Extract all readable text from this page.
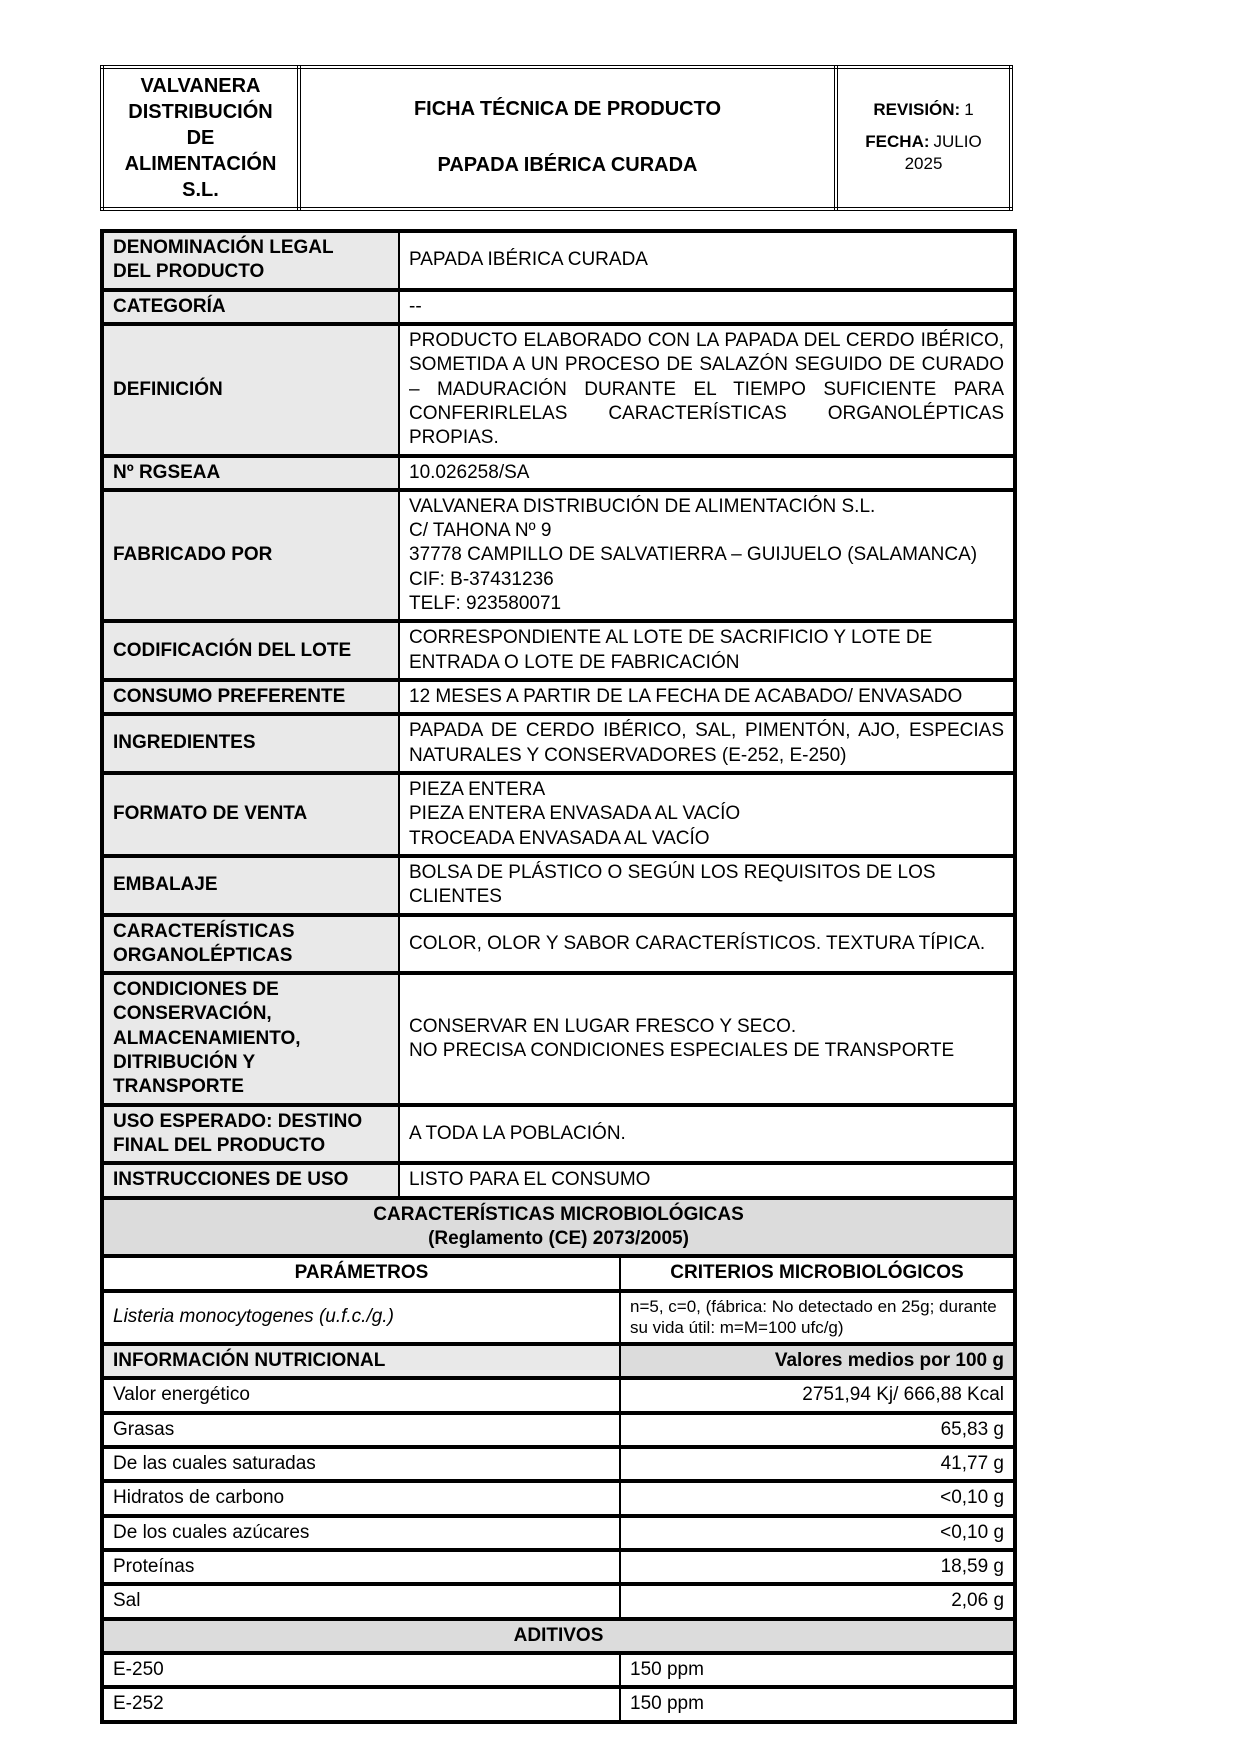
VALVANERA DISTRIBUCIÓN DE ALIMENTACIÓN S.L.	
FICHA TÉCNICA DE PRODUCTO
PAPADA IBÉRICA CURADA

REVISIÓN: 1
FECHA: JULIO 2025
DENOMINACIÓN LEGAL
DEL PRODUCTO	PAPADA IBÉRICA CURADA	
CATEGORÍA	--	
DEFINICIÓN	PRODUCTO ELABORADO CON LA PAPADA DEL CERDO IBÉRICO, SOMETIDA A UN PROCESO DE SALAZÓN SEGUIDO DE CURADO – MADURACIÓN DURANTE EL TIEMPO SUFICIENTE PARA CONFERIRLELAS CARACTERÍSTICAS ORGANOLÉPTICAS PROPIAS.	
Nº RGSEAA	10.026258/SA	
FABRICADO POR	VALVANERA DISTRIBUCIÓN DE ALIMENTACIÓN S.L.
C/ TAHONA Nº 9
37778 CAMPILLO DE SALVATIERRA – GUIJUELO (SALAMANCA)
CIF: B-37431236
TELF: 923580071	

CODIFICACIÓN DEL LOTE	CORRESPONDIENTE AL LOTE DE SACRIFICIO Y LOTE DE ENTRADA O LOTE DE FABRICACIÓN	
CONSUMO PREFERENTE	12 MESES A PARTIR DE LA FECHA DE ACABADO/ ENVASADO	
INGREDIENTES	PAPADA DE CERDO IBÉRICO, SAL, PIMENTÓN, AJO, ESPECIAS NATURALES Y CONSERVADORES (E-252, E-250)	
FORMATO DE VENTA	PIEZA ENTERA
PIEZA ENTERA ENVASADA AL VACÍO
TROCEADA ENVASADA AL VACÍO	

EMBALAJE	BOLSA DE PLÁSTICO O SEGÚN LOS REQUISITOS DE LOS CLIENTES	

CARACTERÍSTICAS
ORGANOLÉPTICAS	COLOR, OLOR Y SABOR CARACTERÍSTICOS. TEXTURA TÍPICA.	

CONDICIONES DE
CONSERVACIÓN,
ALMACENAMIENTO,
DITRIBUCIÓN Y
TRANSPORTE	CONSERVAR EN LUGAR FRESCO Y SECO.
NO PRECISA CONDICIONES ESPECIALES DE TRANSPORTE	

USO ESPERADO: DESTINO
FINAL DEL PRODUCTO	A TODA LA POBLACIÓN.	
INSTRUCCIONES DE USO	LISTO PARA EL CONSUMO	

CARACTERÍSTICAS MICROBIOLÓGICAS
(Reglamento (CE) 2073/2005)		

PARÁMETROS		CRITERIOS MICROBIOLÓGICOS
Listeria monocytogenes (u.f.c./g.)		n=5, c=0, (fábrica: No detectado en 25g; durante su vida útil: m=M=100 ufc/g)
INFORMACIÓN NUTRICIONAL		Valores medios por 100 g
Valor energético		2751,94 Kj/ 666,88 Kcal
Grasas		65,83 g
De las cuales saturadas		41,77 g
Hidratos de carbono		<0,10 g
De los cuales azúcares		<0,10 g
Proteínas		18,59 g
Sal		2,06 g
ADITIVOS		
E-250		150 ppm
E-252		150 ppm
